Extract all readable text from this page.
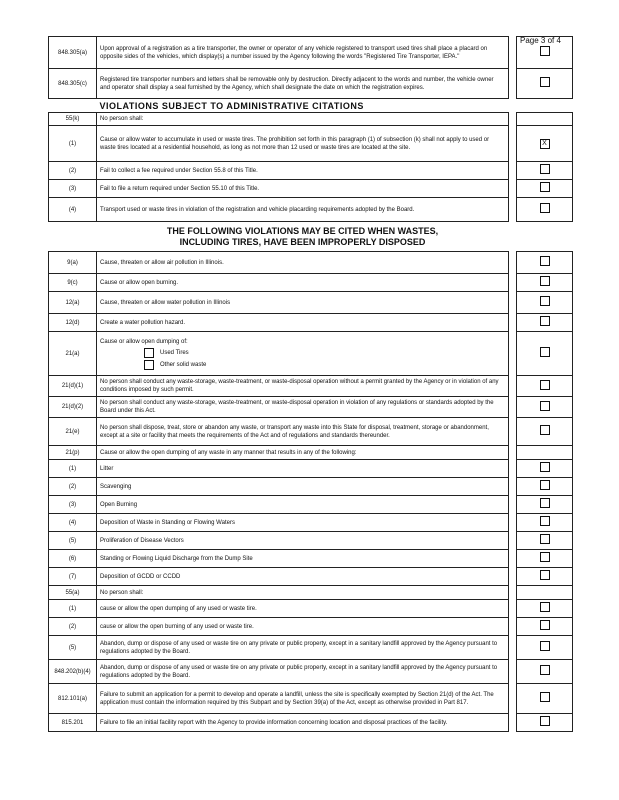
Page 3 of 4
848.305(a)	Upon approval of a registration as a tire transporter, the owner or operator of any vehicle registered to transport used tires shall place a placard on opposite sides of the vehicles, which display(s) a number issued by the Agency following the words "Registered Tire Transporter, IEPA."		

848.305(c)	Registered tire transporter numbers and letters shall be removable only by destruction. Directly adjacent to the words and number, the vehicle owner and operator shall display a seal furnished by the Agency, which shall designate the date on which the registration expires.		

	VIOLATIONS SUBJECT TO ADMINISTRATIVE CITATIONS		

55(k)	No person shall:		

(1)	Cause or allow water to accumulate in used or waste tires. The prohibition set forth in this paragraph (1) of subsection (k) shall not apply to used or waste tires located at a residential household, as long as not more than 12 used or waste tires are located at the site.		X
(2)	Fail to collect a fee required under Section 55.8 of this Title.		

(3)	Fail to file a return required under Section 55.10 of this Title.		

(4)	Transport used or waste tires in violation of the registration and vehicle placarding requirements adopted by the Board.		

	THE FOLLOWING VIOLATIONS MAY BE CITED WHEN WASTES,
INCLUDING TIRES, HAVE BEEN IMPROPERLY DISPOSED		

9(a)	Cause, threaten or allow air pollution in Illinois.		

9(c)	Cause or allow open burning.		

12(a)	Cause, threaten or allow water pollution in Illinois		

12(d)	Create a water pollution hazard.		

21(a)	Cause or allow open dumping of:
Used Tires
Other solid waste		

21(d)(1)	No person shall conduct any waste-storage, waste-treatment, or waste-disposal operation without a permit granted by the Agency or in violation of any conditions imposed by such permit.		

21(d)(2)	No person shall conduct any waste-storage, waste-treatment, or waste-disposal operation in violation of any regulations or standards adopted by the Board under this Act.		

21(e)	No person shall dispose, treat, store or abandon any waste, or transport any waste into this State for disposal, treatment, storage or abandonment, except at a site or facility that meets the requirements of the Act and of regulations and standards thereunder.		

21(p)	Cause or allow the open dumping of any waste in any manner that results in any of the following:		

(1)	Litter		

(2)	Scavenging		

(3)	Open Burning		

(4)	Deposition of Waste in Standing or Flowing Waters		

(5)	Proliferation of Disease Vectors		

(6)	Standing or Flowing Liquid Discharge from the Dump Site		

(7)	Deposition of GCDD or CCDD		

55(a)	No person shall:		

(1)	cause or allow the open dumping of any used or waste tire.		

(2)	cause or allow the open burning of any used or waste tire.		

(5)	Abandon, dump or dispose of any used or waste tire on any private or public property, except in a sanitary landfill approved by the Agency pursuant to regulations adopted by the Board.		

848.202(b)(4)	Abandon, dump or dispose of any used or waste tire on any private or public property, except in a sanitary landfill approved by the Agency pursuant to regulations adopted by the Board.		

812.101(a)	Failure to submit an application for a permit to develop and operate a landfill, unless the site is specifically exempted by Section 21(d) of the Act. The application must contain the information required by this Subpart and by Section 39(a) of the Act, except as otherwise provided in Part 817.		

815.201	Failure to file an initial facility report with the Agency to provide information concerning location and disposal practices of the facility.		
